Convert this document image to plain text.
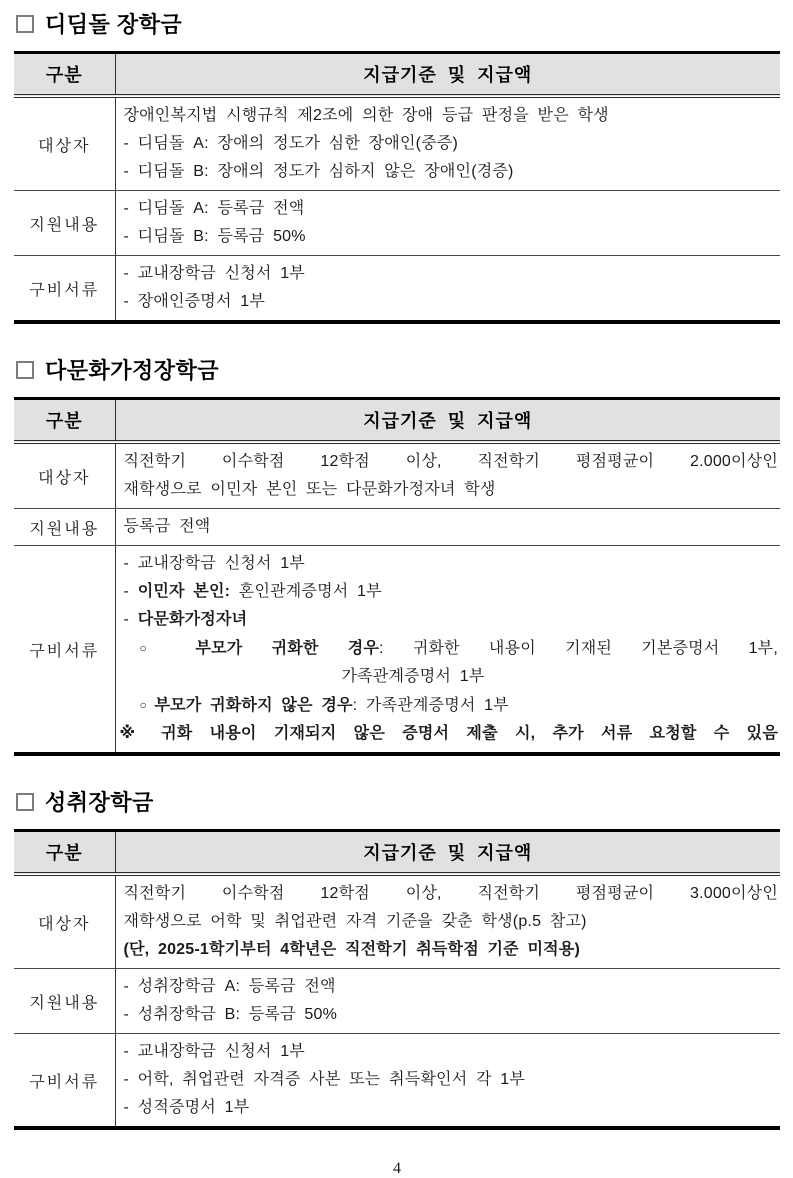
디딤돌 장학금
구분	지급기준 및 지급액
대상자	장애인복지법 시행규칙 제2조에 의한 장애 등급 판정을 받은 학생
- 디딤돌 A: 장애의 정도가 심한 장애인(중증)
- 디딤돌 B: 장애의 정도가 심하지 않은 장애인(경증)

지원내용	- 디딤돌 A: 등록금 전액
- 디딤돌 B: 등록금 50%

구비서류	- 교내장학금 신청서 1부
- 장애인증명서 1부
다문화가정장학금
구분	지급기준 및 지급액
대상자	직전학기 이수학점 12학점 이상, 직전학기 평점평균이 2.000이상인
재학생으로 이민자 본인 또는 다문화가정자녀 학생

지원내용	등록금 전액

구비서류	
- 교내장학금 신청서 1부
- 이민자 본인: 혼인관계증명서 1부
- 다문화가정자녀
○ 부모가 귀화한 경우: 귀화한 내용이 기재된 기본증명서 1부,
가족관계증명서 1부
○ 부모가 귀화하지 않은 경우: 가족관계증명서 1부
※ 귀화 내용이 기재되지 않은 증명서 제출 시, 추가 서류 요청할 수 있음
성취장학금
구분	지급기준 및 지급액
대상자	직전학기 이수학점 12학점 이상, 직전학기 평점평균이 3.000이상인
재학생으로 어학 및 취업관련 자격 기준을 갖춘 학생(p.5 참고)
(단, 2025-1학기부터 4학년은 직전학기 취득학점 기준 미적용)

지원내용	- 성취장학금 A: 등록금 전액
- 성취장학금 B: 등록금 50%

구비서류	- 교내장학금 신청서 1부
- 어학, 취업관련 자격증 사본 또는 취득확인서 각 1부
- 성적증명서 1부
4
